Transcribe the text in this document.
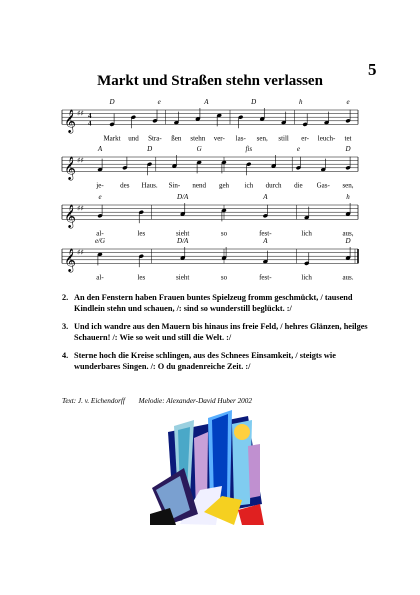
5
Markt und Straßen stehn verlassen
𝄞 ♯♯ 4
4
Markt und Stra- ßen stehn ver- las- sen, still er- leuch- tet
D	e	A	D	h	e
𝄞 ♯♯
je- des Haus. Sin- nend geh ich durch die Gas- sen,
A	D	G	fis	e	D
𝄞 ♯♯
al-	les	sieht	so	fest-	lich	aus,
e	D/A	A	h
𝄞 ♯♯
al-	les	sieht	so	fest-	lich	aus.
e/G	D/A	A	D
2. An den Fenstern haben Frauen buntes Spielzeug fromm geschmückt, / tausend Kindlein stehn und schauen, /: sind so wunderstill beglückt. :/
3. Und ich wandre aus den Mauern bis hinaus ins freie Feld, / hehres Glänzen, heilges Schauern! /: Wie so weit und still die Welt. :/
4. Sterne hoch die Kreise schlingen, aus des Schnees Einsamkeit, / steigts wie wunderbares Singen. /: O du gnadenreiche Zeit. :/
Text: J. v. Eichendorff Melodie: Alexander-David Huber 2002
